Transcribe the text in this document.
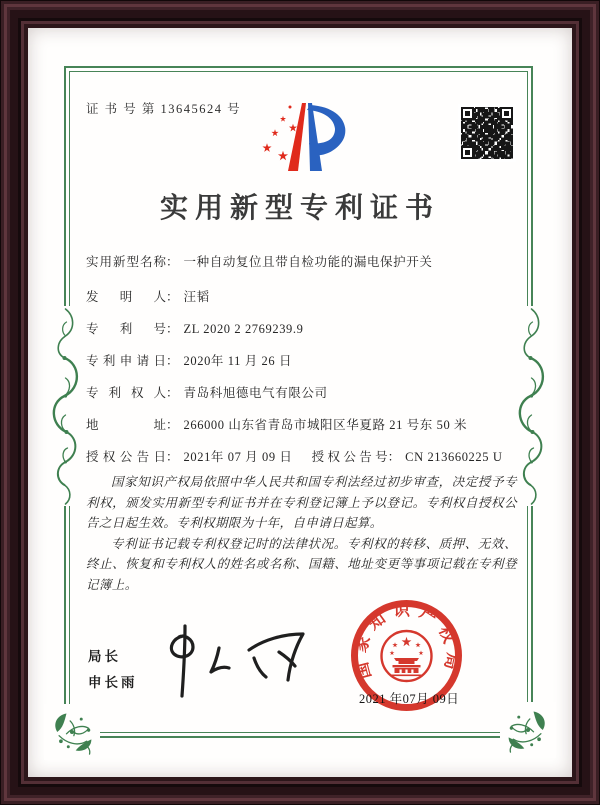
证 书 号 第 13645624 号
实用新型专利证书
实用新型名称： 一种自动复位且带自检功能的漏电保护开关
发明人： 汪韬
专利号： ZL 2020 2 2769239.9
专利申请日： 2020年 11 月 26 日
专利权人： 青岛科旭德电气有限公司
地址： 266000 山东省青岛市城阳区华夏路 21 号东 50 米
授权公告日： 2021年 07 月 09 日 授权公告号： CN 213660225 U

国家知识产权局依照中华人民共和国专利法经过初步审查，决定授予专利权，颁发实用新型专利证书并在专利登记簿上予以登记。专利权自授权公告之日起生效。专利权期限为十年，自申请日起算。

专利证书记载专利权登记时的法律状况。专利权的转移、质押、无效、终止、恢复和专利权人的姓名或名称、国籍、地址变更等事项记载在专利登记簿上。

局长
申长雨
国家知识产权局
2021 年07月 09日
